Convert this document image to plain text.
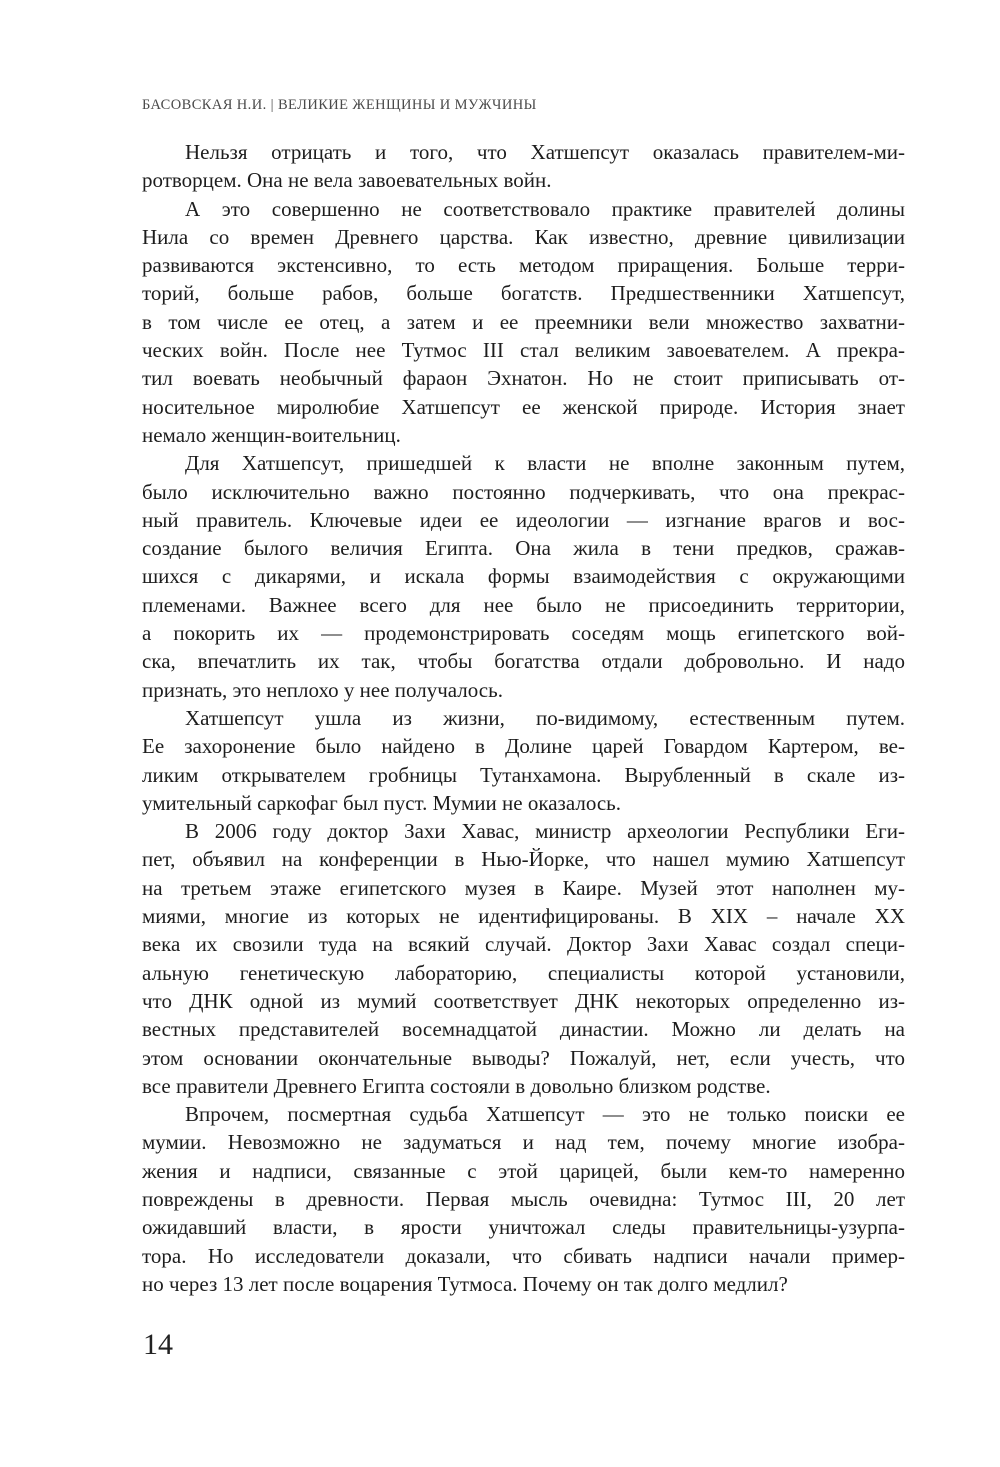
БАСОВСКАЯ Н.И. | ВЕЛИКИЕ ЖЕНЩИНЫ И МУЖЧИНЫ
Нельзя отрицать и того, что Хатшепсут оказалась правителем-ми-
ротворцем. Она не вела завоевательных войн.
А это совершенно не соответствовало практике правителей долины
Нила со времен Древнего царства. Как известно, древние цивилизации
развиваются экстенсивно, то есть методом приращения. Больше терри-
торий, больше рабов, больше богатств. Предшественники Хатшепсут,
в том числе ее отец, а затем и ее преемники вели множество захватни-
ческих войн. После нее Тутмос III стал великим завоевателем. А прекра-
тил воевать необычный фараон Эхнатон. Но не стоит приписывать от-
носительное миролюбие Хатшепсут ее женской природе. История знает
немало женщин-воительниц.
Для Хатшепсут, пришедшей к власти не вполне законным путем,
было исключительно важно постоянно подчеркивать, что она прекрас-
ный правитель. Ключевые идеи ее идеологии — изгнание врагов и вос-
создание былого величия Египта. Она жила в тени предков, сражав-
шихся с дикарями, и искала формы взаимодействия с окружающими
племенами. Важнее всего для нее было не присоединить территории,
а покорить их — продемонстрировать соседям мощь египетского вой-
ска, впечатлить их так, чтобы богатства отдали добровольно. И надо
признать, это неплохо у нее получалось.
Хатшепсут ушла из жизни, по-видимому, естественным путем.
Ее захоронение было найдено в Долине царей Говардом Картером, ве-
ликим открывателем гробницы Тутанхамона. Вырубленный в скале из-
умительный саркофаг был пуст. Мумии не оказалось.
В 2006 году доктор Захи Хавас, министр археологии Республики Еги-
пет, объявил на конференции в Нью-Йорке, что нашел мумию Хатшепсут
на третьем этаже египетского музея в Каире. Музей этот наполнен му-
миями, многие из которых не идентифицированы. В XIX – начале XX
века их свозили туда на всякий случай. Доктор Захи Хавас создал специ-
альную генетическую лабораторию, специалисты которой установили,
что ДНК одной из мумий соответствует ДНК некоторых определенно из-
вестных представителей восемнадцатой династии. Можно ли делать на
этом основании окончательные выводы? Пожалуй, нет, если учесть, что
все правители Древнего Египта состояли в довольно близком родстве.
Впрочем, посмертная судьба Хатшепсут — это не только поиски ее
мумии. Невозможно не задуматься и над тем, почему многие изобра-
жения и надписи, связанные с этой царицей, были кем-то намеренно
повреждены в древности. Первая мысль очевидна: Тутмос III, 20 лет
ожидавший власти, в ярости уничтожал следы правительницы-узурпа-
тора. Но исследователи доказали, что сбивать надписи начали пример-
но через 13 лет после воцарения Тутмоса. Почему он так долго медлил?
14
